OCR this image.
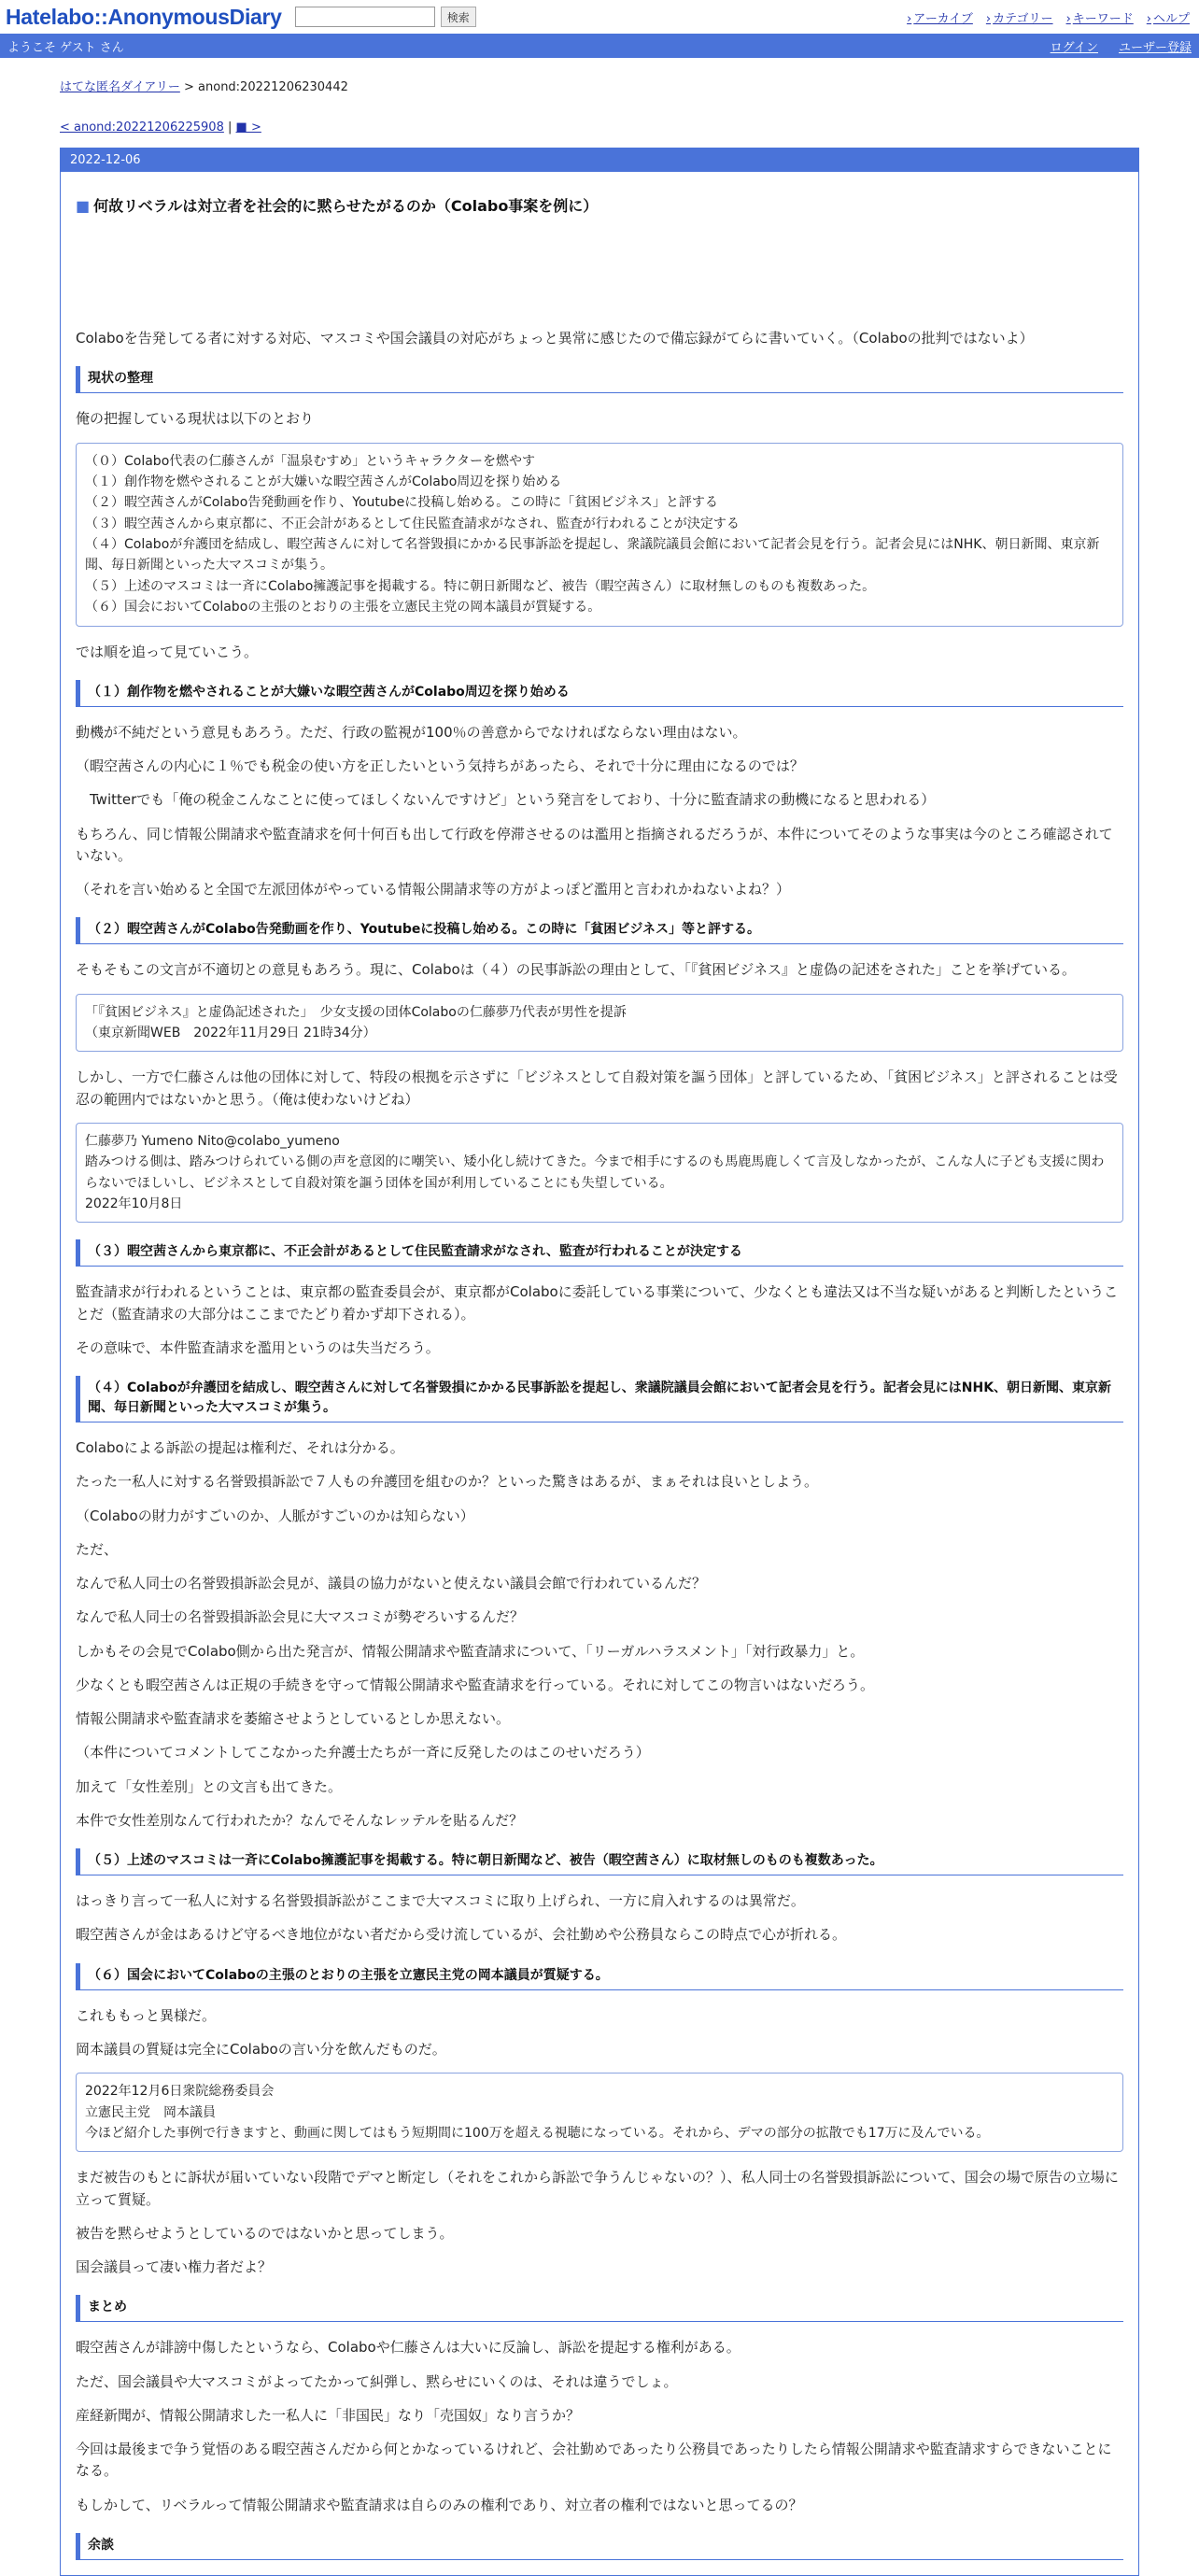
Hatelabo::AnonymousDiary	検索	› アーカイブ	› カテゴリー	› キーワード	› ヘルプ
ようこそ ゲスト さん	ログイン ユーザー登録
はてな匿名ダイアリー > anond:20221206230442
< anond:20221206225908 | ■ >
2022-12-06
■ 何故リベラルは対立者を社会的に黙らせたがるのか（Colabo事案を例に）

Colaboを告発してる者に対する対応、マスコミや国会議員の対応がちょっと異常に感じたので備忘録がてらに書いていく。（Colaboの批判ではないよ）

現状の整理

俺の把握している現状は以下のとおり

（０）Colabo代表の仁藤さんが「温泉むすめ」というキャラクターを燃やす
（１）創作物を燃やされることが大嫌いな暇空茜さんがColabo周辺を探り始める
（２）暇空茜さんがColabo告発動画を作り、Youtubeに投稿し始める。この時に「貧困ビジネス」と評する
（３）暇空茜さんから東京都に、不正会計があるとして住民監査請求がなされ、監査が行われることが決定する
（４）Colaboが弁護団を結成し、暇空茜さんに対して名誉毀損にかかる民事訴訟を提起し、衆議院議員会館において記者会見を行う。記者会見にはNHK、朝日新聞、東京新聞、毎日新聞といった大マスコミが集う。
（５）上述のマスコミは一斉にColabo擁護記事を掲載する。特に朝日新聞など、被告（暇空茜さん）に取材無しのものも複数あった。
（６）国会においてColaboの主張のとおりの主張を立憲民主党の岡本議員が質疑する。

では順を追って見ていこう。

（１）創作物を燃やされることが大嫌いな暇空茜さんがColabo周辺を探り始める

動機が不純だという意見もあろう。ただ、行政の監視が100％の善意からでなければならない理由はない。

（暇空茜さんの内心に１％でも税金の使い方を正したいという気持ちがあったら、それで十分に理由になるのでは？

　Twitterでも「俺の税金こんなことに使ってほしくないんですけど」という発言をしており、十分に監査請求の動機になると思われる）

もちろん、同じ情報公開請求や監査請求を何十何百も出して行政を停滞させるのは濫用と指摘されるだろうが、本件についてそのような事実は今のところ確認されていない。

（それを言い始めると全国で左派団体がやっている情報公開請求等の方がよっぽど濫用と言われかねないよね？）

（２）暇空茜さんがColabo告発動画を作り、Youtubeに投稿し始める。この時に「貧困ビジネス」等と評する。

そもそもこの文言が不適切との意見もあろう。現に、Colaboは（４）の民事訴訟の理由として、「『貧困ビジネス』と虚偽の記述をされた」ことを挙げている。

「『貧困ビジネス』と虚偽記述された」　少女支援の団体Colaboの仁藤夢乃代表が男性を提訴
（東京新聞WEB　2022年11月29日 21時34分）

しかし、一方で仁藤さんは他の団体に対して、特段の根拠を示さずに「ビジネスとして自殺対策を謳う団体」と評しているため、「貧困ビジネス」と評されることは受忍の範囲内ではないかと思う。（俺は使わないけどね）

仁藤夢乃 Yumeno Nito@colabo_yumeno
踏みつける側は、踏みつけられている側の声を意図的に嘲笑い、矮小化し続けてきた。今まで相手にするのも馬鹿馬鹿しくて言及しなかったが、こんな人に子ども支援に関わらないでほしいし、ビジネスとして自殺対策を謳う団体を国が利用していることにも失望している。
2022年10月8日
（３）暇空茜さんから東京都に、不正会計があるとして住民監査請求がなされ、監査が行われることが決定する

監査請求が行われるということは、東京都の監査委員会が、東京都がColaboに委託している事業について、少なくとも違法又は不当な疑いがあると判断したということだ（監査請求の大部分はここまでたどり着かず却下される）。

その意味で、本件監査請求を濫用というのは失当だろう。

（４）Colaboが弁護団を結成し、暇空茜さんに対して名誉毀損にかかる民事訴訟を提起し、衆議院議員会館において記者会見を行う。記者会見にはNHK、朝日新聞、東京新聞、毎日新聞といった大マスコミが集う。

Colaboによる訴訟の提起は権利だ、それは分かる。

たった一私人に対する名誉毀損訴訟で７人もの弁護団を組むのか？といった驚きはあるが、まぁそれは良いとしよう。

（Colaboの財力がすごいのか、人脈がすごいのかは知らない）

ただ、

なんで私人同士の名誉毀損訴訟会見が、議員の協力がないと使えない議員会館で行われているんだ？

なんで私人同士の名誉毀損訴訟会見に大マスコミが勢ぞろいするんだ？

しかもその会見でColabo側から出た発言が、情報公開請求や監査請求について、「リーガルハラスメント」「対行政暴力」と。

少なくとも暇空茜さんは正規の手続きを守って情報公開請求や監査請求を行っている。それに対してこの物言いはないだろう。

情報公開請求や監査請求を萎縮させようとしているとしか思えない。

（本件についてコメントしてこなかった弁護士たちが一斉に反発したのはこのせいだろう）

加えて「女性差別」との文言も出てきた。

本件で女性差別なんて行われたか？なんでそんなレッテルを貼るんだ？

（５）上述のマスコミは一斉にColabo擁護記事を掲載する。特に朝日新聞など、被告（暇空茜さん）に取材無しのものも複数あった。

はっきり言って一私人に対する名誉毀損訴訟がここまで大マスコミに取り上げられ、一方に肩入れするのは異常だ。

暇空茜さんが金はあるけど守るべき地位がない者だから受け流しているが、会社勤めや公務員ならこの時点で心が折れる。

（６）国会においてColaboの主張のとおりの主張を立憲民主党の岡本議員が質疑する。

これももっと異様だ。

岡本議員の質疑は完全にColaboの言い分を飲んだものだ。

2022年12月6日衆院総務委員会
立憲民主党　岡本議員
今ほど紹介した事例で行きますと、動画に関してはもう短期間に100万を超える視聴になっている。それから、デマの部分の拡散でも17万に及んでいる。

まだ被告のもとに訴状が届いていない段階でデマと断定し（それをこれから訴訟で争うんじゃないの？）、私人同士の名誉毀損訴訟について、国会の場で原告の立場に立って質疑。

被告を黙らせようとしているのではないかと思ってしまう。

国会議員って凄い権力者だよ？

まとめ

暇空茜さんが誹謗中傷したというなら、Colaboや仁藤さんは大いに反論し、訴訟を提起する権利がある。

ただ、国会議員や大マスコミがよってたかって糾弾し、黙らせにいくのは、それは違うでしょ。

産経新聞が、情報公開請求した一私人に「非国民」なり「売国奴」なり言うか？

今回は最後まで争う覚悟のある暇空茜さんだから何とかなっているけれど、会社勤めであったり公務員であったりしたら情報公開請求や監査請求すらできないことになる。

もしかして、リベラルって情報公開請求や監査請求は自らのみの権利であり、対立者の権利ではないと思ってるの？

余談
